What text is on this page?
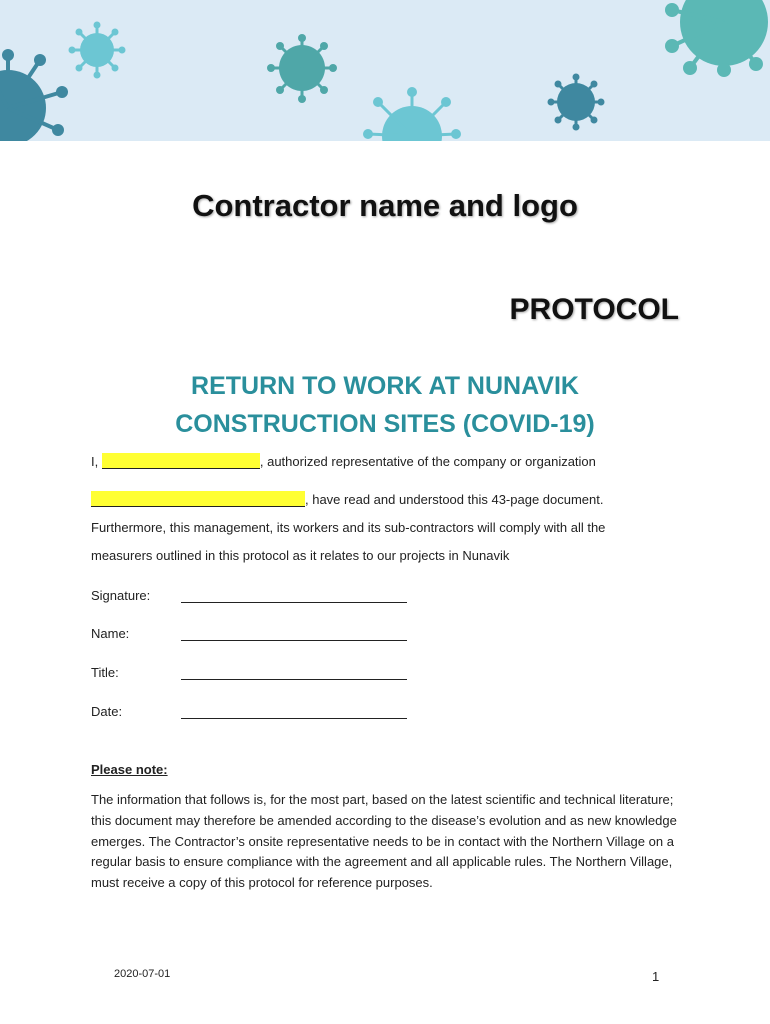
Contractor name and logo
PROTOCOL
RETURN TO WORK AT NUNAVIK
CONSTRUCTION SITES (COVID-19)
I,	, authorized representative of the company or organization
, have read and understood this 43-page document.
Furthermore, this management, its workers and its sub-contractors will comply with all the
measurers outlined in this protocol as it relates to our projects in Nunavik
Signature:
Name:
Title:
Date:
Please note:
The information that follows is, for the most part, based on the latest scientific and technical literature; this document may therefore be amended according to the disease’s evolution and as new knowledge emerges. The Contractor’s onsite representative needs to be in contact with the Northern Village on a regular basis to ensure compliance with the agreement and all applicable rules. The Northern Village, must receive a copy of this protocol for reference purposes.
2020-07-01	1
